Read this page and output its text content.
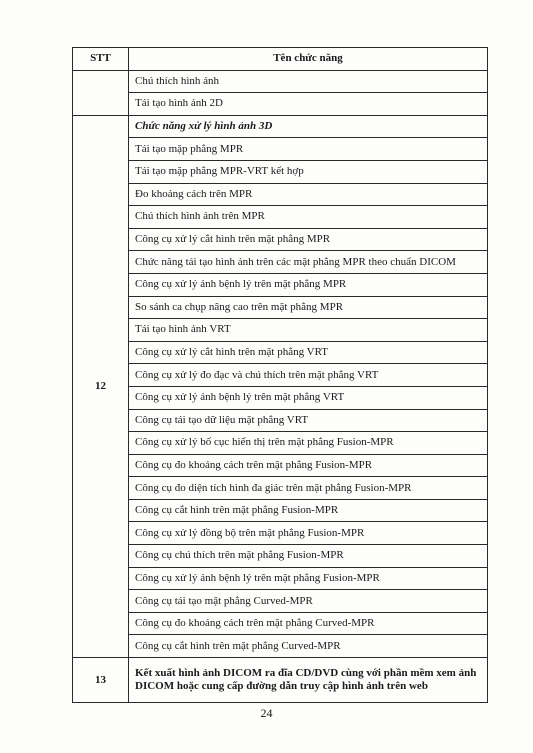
STT	Tên chức năng
	Chú thích hình ảnh
	Tái tạo hình ảnh 2D
12	Chức năng xử lý hình ảnh 3D
	Tái tạo mặp phẳng MPR
	Tái tạo mặp phẳng MPR-VRT kết hợp
	Đo khoảng cách trên MPR
	Chú thích hình ảnh trên MPR
	Công cụ xử lý cắt hình trên mặt phẳng MPR
	Chức năng tái tạo hình ảnh trên các mặt phẳng MPR theo chuẩn DICOM
	Công cụ xử lý ảnh bệnh lý trên mặt phẳng MPR
	So sánh ca chụp nâng cao trên mặt phẳng MPR
	Tái tạo hình ảnh VRT
	Công cụ xử lý cắt hình trên mặt phẳng VRT
	Công cụ xử lý đo đạc và chú thích trên mặt phẳng VRT
	Công cụ xử lý ảnh bệnh lý trên mặt phẳng VRT
	Công cụ tái tạo dữ liệu mặt phẳng VRT
	Công cụ xử lý bố cục hiển thị trên mặt phẳng Fusion-MPR
	Công cụ đo khoảng cách trên mặt phẳng Fusion-MPR
	Công cụ đo diện tích hình đa giác trên mặt phẳng Fusion-MPR
	Công cụ cắt hình trên mặt phẳng Fusion-MPR
	Công cụ xử lý đồng bộ trên mặt phẳng Fusion-MPR
	Công cụ chú thích trên mặt phẳng Fusion-MPR
	Công cụ xử lý ảnh bệnh lý trên mặt phẳng Fusion-MPR
	Công cụ tái tạo mặt phẳng Curved-MPR
	Công cụ đo khoảng cách trên mặt phẳng Curved-MPR
	Công cụ cắt hình trên mặt phẳng Curved-MPR
13	Kết xuất hình ảnh DICOM ra đĩa CD/DVD cùng với phần mềm xem ảnh DICOM hoặc cung cấp đường dẫn truy cập hình ảnh trên web
24
